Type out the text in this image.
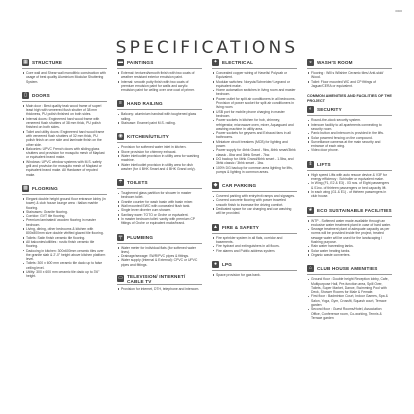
0000
SPECIFICATIONS
▦ STRUCTURE
Core wall and Shear wall monolithic construction with usage of best quality Aluminium Modular Shuttering System.
▯	DOORS
Main door : Best quality teak wood frame of superl least high with veneered flush shutter of 38 mm thickness, PU polish finished on both sides.
Internal doors: Engineered hard wood frame with veneered flush shutters of 38 mm thick, PU polish finished on both sides.
Toilet and utility doors: Engineered hard wood frame with veneered flush shutters of 32 mm thick, PU polish finish on one side and laminate finish on the other side.
Balconies: UPVC French doors with sliding glass shutters and provision for mosquito mesh of Maplast or equivalent brand make.
Windows: UPVC window systems with M.S. safety grill and provision for mosquito mesh of Maplast or equivalent brand make. All Hardware of reputed make.
▩ FLOORING
Elegant double height ground floor entrance lobby (in tower) & club house lounge area : Italian marble flooring.
Staircases: Granite flooring.
Corridor: GVT tile flooring.
Premium laminated/ wooden flooring in master bedroom.
Living, dining, other bedrooms & kitchen with 800x800mm size double vitrified glazed tile flooring.
Toilets: Satin finish ceramic tile flooring.
All balconies/utilities : rustic finish ceramic tile flooring.
Dadooing in kitchen: 300x600mm ceramic tiles over the granite slab & 2'-0" height above kitchen platform level.
Toilets: 300 x 600 mm ceramic tile dado up to false ceiling level.
Utility: 300 x 600 mm ceramic tile dado up to 3'6" height.
▬ PAINTINGS
External: textured/smooth finish with two coats of weather resistant exterior emulsion paint.
Internal: smooth putty finish with two coats of premium emulsion paint for walls and acrylic emulsion paint for ceiling over one coat of primer.
≡	HAND RAILING
Balcony: aluminium handrail with toughened glass railing.
Staircase: Enamel paint M.S. railing.
◉ KITCHEN/UTILITY
Provision for softened water inlet in kitchen.
Stove provision for chimney exhaust.
Water inlet/outlet provision in utility area for washing machine.
Water inlet/outlet provision in utility area for dish washer (for 4 BHK Smart and 4 BHK Grand only).
☂ TOILETS
Toughened glass partition for shower in master bedroom toilet.
Granite counter for wash basin with basin mixer.
Wall mounted EWC with concealed flush tank.
Single lever diverter cum shower.
Sanitary ware: TOTO or Grohe or equivalent.
In master bedroom toilet: vanity with premium CP fittings of Grohe or equivalent make/brand.
╤	PLUMBING
Water meter for individual flats (for softened water lines).
Drainage/sewage: SWR/PVC pipes & fittings.
Water supply (Internal & External): CPVC or UPVC pipes and fittings.
▭ TELEVISION/ INTERNET/ CABLE TV
Provision for internet, DTH, telephone and intercom.
✦ ELECTRICAL
Concealed copper wiring of Havells/ Polycab or Equivalent.
Modular switches: Norysis/Schneider/ Legrand or equivalent make.
Home automation switches in living room and master bedroom.
Power outlet for split air conditioners in all bedrooms. Provision of power socket for split air conditioners in living room.
USB port for mobile phone charging in master bedroom.
Power sockets in kitchen for hob, chimney, refrigerator, microwave oven, mixer, Aquaguard and washing machine in utility area.
Power sockets for geysers and Exhaust fans in all bathrooms.
Miniature circuit breakers (MCB) for lighting and power.
Power supply for 4bhk Grand - 9kw, 4bhk smart/3bhk classic - 8kw and 3bhk Smart - 7kw.
DG backup for 4bhk Grand/4bhk smart - 1.5kw, and 3bhk classic / 3bhk smart - 1kw.
100% DG backup for common area lighting for lifts, pumps & lighting in common areas.
◆ CAR PARKING
Covered parking with entry/exit ramps and signages.
Covered concrete flooring with power troweled smooth finish to increase the driving comfort.
Dedicated space for car charging and car washing will be provided.
▲ FIRE & SAFETY
Fire sprinkler system in all flats, corridor and basements.
Fire hydrant and extinguishers in all floors.
Fire alarms and Public address system.
●	LPG
Space provision for gas bank.
◒	WASH'S ROOM
Flooring : Will s Wilshire Ceramic tiles/ Anti-skid/ Wood.
Toilet: Floor mounted WC and CP fittings of Jaguar/CERA or equivalent.
COMMON AMENITIES AND FACILITIES OF THE PROJECT
◐	SECURITY
Round-the-clock security system.
Intercom facility to all apartments connecting to security room.
Panic button and intercom is provided in the lifts.
Solar powered fencing on the compound.
Surveillance cameras at the main security and entrance of each wing.
Video door phone.
⇕ LIFTS
High speed Lifts with auto rescue device & V3F for energy efficiency : Schindler or equivalent make.
In Wing (F1, E2 & E3) - 03 nos. of Eight passengers & 01no. of thirteen passengers or bed capacity lift.
In each wing (G1 & E1) - of thirteen passengers in club house.
❦ ECO SUSTAINABLE FACILITIES
WTP - Softened water made available through an exclusive water treatment plant in case of hard water.
Sewage treatment plant of adequate capacity as per norms will be provided inside the project, treated sewage water will be used for the landscaping / flushing purpose.
Rain water harvesting tanks.
Solar water heating tanks.
Organic waste converters.
⌂	CLUB HOUSE AMENITIES
Ground floor : Double height Reception lobby, Cafe, Multipurpose Hall, Pre-function area, Spill Over, Toilets, Super Market, Dance, Swimming Pool with Deck, Shower Rooms for Male & Female.
First floor : Badminton Court, Indoor Games, Spa & Salon, Yoga, Gym, Crossfit, Squash court, Terrace garden
Second floor : Guest Rooms/Hotel, Association Office, Conference room, Co-working, Tennis & Terrace garden
